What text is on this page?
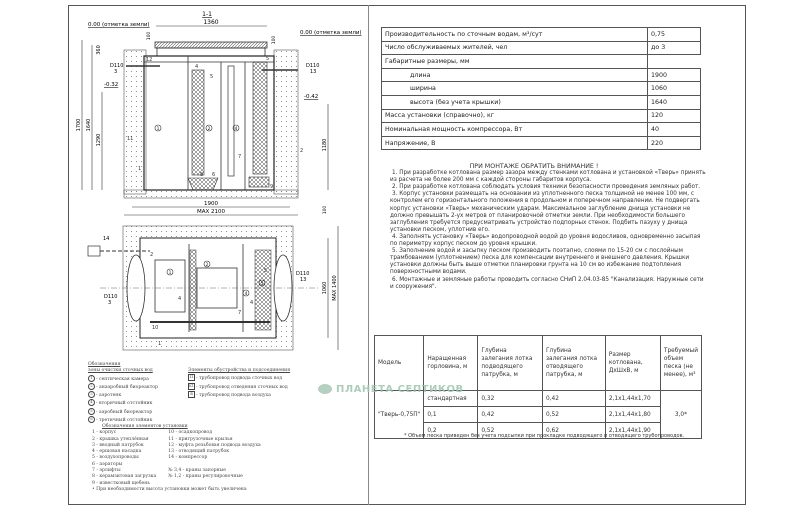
1	2	4
12
5
4
5
1
8 6
7
9
11
2
1-1
1360
0.00 (отметка земли)
0.00 (отметка земли)
D110
3
D110
13
-0.32
-0.42
1700 1640
1290
360
100	100
1180
100
1900
MAX 2100
14
D110
3
D110
13
2
4
10
1
7
4
5
1
2
4
5	1060 MAX 1400
Производительность по сточным водам, м³/сут	0,75
Число обслуживаемых жителей, чел	до 3
Габаритные размеры, мм	
длина	1900
ширина	1060
высота (без учета крышки)	1640
Масса установки (справочно), кг	120
Номинальная мощность компрессора, Вт	40
Напряжение, В	220
ПРИ МОНТАЖЕ ОБРАТИТЬ ВНИМАНИЕ !

1. При разработке котлована размер зазора между стенками котлована и установкой «Тверь» принять из расчета не более 200 мм с каждой стороны габаритов корпуса.

2. При разработке котлована соблюдать условия техники безопасности проведения земляных работ.

3. Корпус установки размещать на основании из уплотненного песка толщиной не менее 100 мм, с контролем его горизонтального положения в продольном и поперечном направлении. Не подвергать корпус установки «Тверь» механическим ударам. Максимальное заглубление днища установки не должно превышать 2-ух метров от планировочной отметки земли. При необходимости большего заглубления требуется предусматривать устройство подпорных стенок. Подбить пазуху у днища установки песком, уплотнив его.

4. Заполнять установку «Тверь» водопроводной водой до уровня водосливов, одновременно засыпая по периметру корпус песком до уровня крышки.

5. Заполнение водой и засыпку песком производить поэтапно, слоями по 15-20 см с послойным трамбованием (уплотнением) песка для компенсации внутреннего и внешнего давления. Крышки установки должны быть выше отметки планировки грунта на 10 см во избежание подтопления поверхностными водами.

6. Монтажные и земляные работы проводить согласно СНиП 2.04.03-85 "Канализация. Наружные сети и сооружения".

Модель	Наращенная горловина, м	Глубина залегания лотка подводящего патрубка, м	Глубина залегания лотка отводящего патрубка, м	Размер котлована, ДхШхВ, м	Требуемый объем песка (не менее), м³
"Тверь-0,75П"	стандартная	0,32	0,42	2,1х1,44х1,70	3,0*
	0,1	0,42	0,52	2,1х1,44х1,80	
	0,2	0,52	0,62	2,1х1,44х1,90	
* Объем песка приведен без учета подсыпки при прокладке подводящего и отводящего трубопроводов.
ПЛАНЕТА СЕПТИКОВ
Обозначения
зоны очистки сточных вод
1 - септическая камера
2 - анаэробный биореактор
3 - аэротенк
4 - вторичный отстойник
5 - аэробный биореактор
6 - третичный отстойник
Элементы обустройства и подсоединения
I1 - трубопровод подвода сточных вод
K1 - трубопровод отведения сточных вод
В - трубопровод подвода воздуха
Обозначения элементов установки
1 - корпус
2 - крышка утеплённая
3 - вводный патрубок
4 - ершовая насадка
5 - воздухопроводы
6 - аэраторы
7 - эрлифты
8 - керамзитовая загрузка
9 - известковый щебень
10 - осадкопровод
11 - пригрузочные крылья
12 - муфта резьбовая подвода воздуха
13 - отводящий патрубок
14 - компрессор
№ 3,4 - краны запорные
№ 1,2 - краны регулировочные
• При необходимости высота установки может быть увеличена
